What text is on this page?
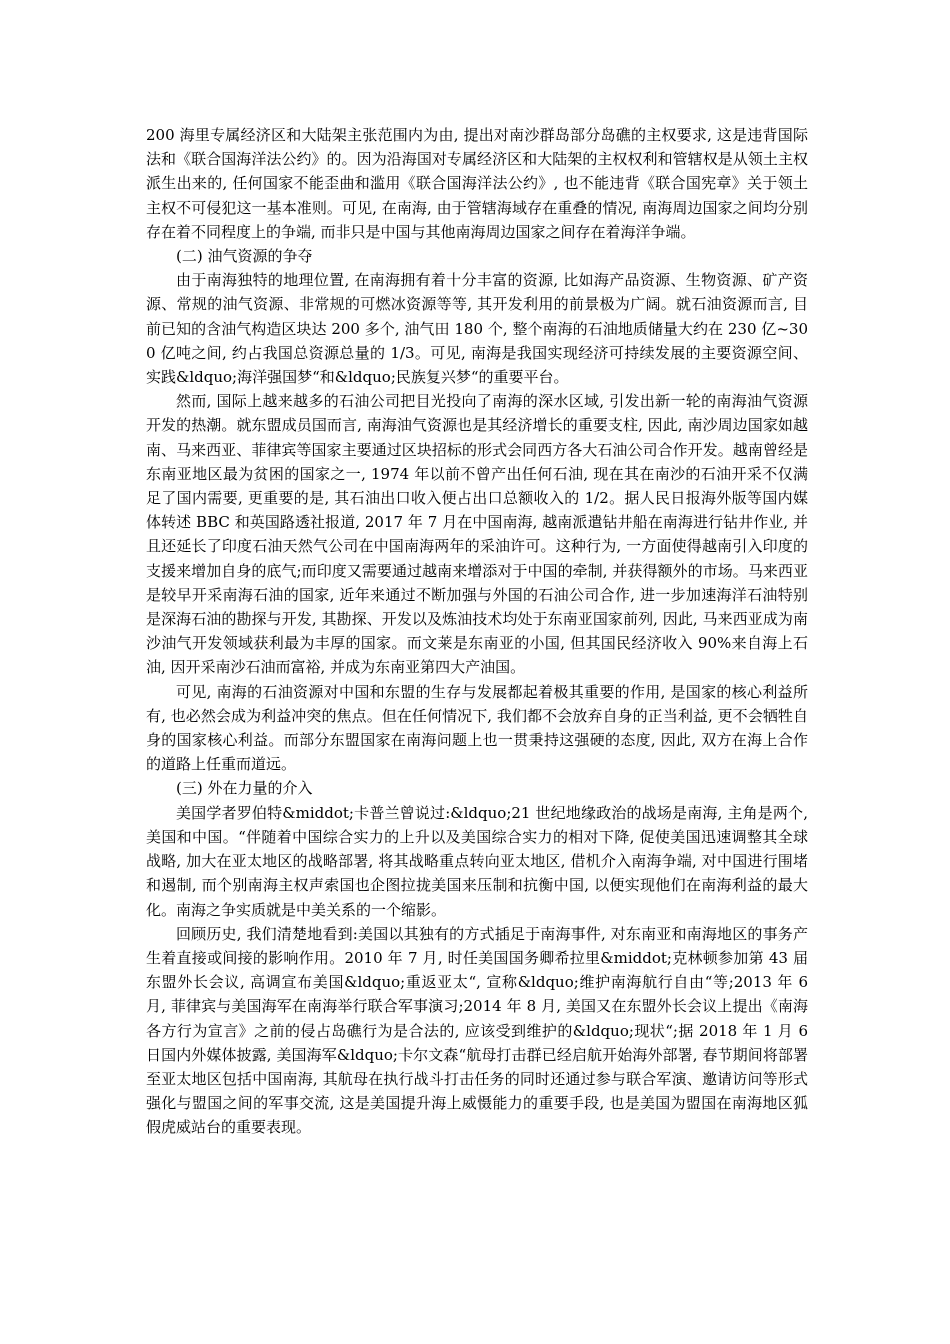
200 海里专属经济区和大陆架主张范围内为由, 提出对南沙群岛部分岛礁的主权要求, 这是违背国际法和《联合国海洋法公约》的。因为沿海国对专属经济区和大陆架的主权权利和管辖权是从领土主权派生出来的, 任何国家不能歪曲和滥用《联合国海洋法公约》, 也不能违背《联合国宪章》关于领土主权不可侵犯这一基本准则。可见, 在南海, 由于管辖海域存在重叠的情况, 南海周边国家之间均分别存在着不同程度上的争端, 而非只是中国与其他南海周边国家之间存在着海洋争端。

(二) 油气资源的争夺

由于南海独特的地理位置, 在南海拥有着十分丰富的资源, 比如海产品资源、生物资源、矿产资源、常规的油气资源、非常规的可燃冰资源等等, 其开发利用的前景极为广阔。就石油资源而言, 目前已知的含油气构造区块达 200 多个, 油气田 180 个, 整个南海的石油地质储量大约在 230 亿~300 亿吨之间, 约占我国总资源总量的 1/3。可见, 南海是我国实现经济可持续发展的主要资源空间、实践&ldquo;海洋强国梦“和&ldquo;民族复兴梦“的重要平台。

然而, 国际上越来越多的石油公司把目光投向了南海的深水区域, 引发出新一轮的南海油气资源开发的热潮。就东盟成员国而言, 南海油气资源也是其经济增长的重要支柱, 因此, 南沙周边国家如越南、马来西亚、菲律宾等国家主要通过区块招标的形式会同西方各大石油公司合作开发。越南曾经是东南亚地区最为贫困的国家之一, 1974 年以前不曾产出任何石油, 现在其在南沙的石油开采不仅满足了国内需要, 更重要的是, 其石油出口收入便占出口总额收入的 1/2。据人民日报海外版等国内媒体转述 BBC 和英国路透社报道, 2017 年 7 月在中国南海, 越南派遣钻井船在南海进行钻井作业, 并且还延长了印度石油天然气公司在中国南海两年的采油许可。这种行为, 一方面使得越南引入印度的支援来增加自身的底气;而印度又需要通过越南来增添对于中国的牵制, 并获得额外的市场。马来西亚是较早开采南海石油的国家, 近年来通过不断加强与外国的石油公司合作, 进一步加速海洋石油特别是深海石油的勘探与开发, 其勘探、开发以及炼油技术均处于东南亚国家前列, 因此, 马来西亚成为南沙油气开发领域获利最为丰厚的国家。而文莱是东南亚的小国, 但其国民经济收入 90%来自海上石油, 因开采南沙石油而富裕, 并成为东南亚第四大产油国。

可见, 南海的石油资源对中国和东盟的生存与发展都起着极其重要的作用, 是国家的核心利益所有, 也必然会成为利益冲突的焦点。但在任何情况下, 我们都不会放弃自身的正当利益, 更不会牺牲自身的国家核心利益。而部分东盟国家在南海问题上也一贯秉持这强硬的态度, 因此, 双方在海上合作的道路上任重而道远。

(三) 外在力量的介入

美国学者罗伯特&middot;卡普兰曾说过:&ldquo;21 世纪地缘政治的战场是南海, 主角是两个, 美国和中国。“伴随着中国综合实力的上升以及美国综合实力的相对下降, 促使美国迅速调整其全球战略, 加大在亚太地区的战略部署, 将其战略重点转向亚太地区, 借机介入南海争端, 对中国进行围堵和遏制, 而个别南海主权声索国也企图拉拢美国来压制和抗衡中国, 以便实现他们在南海利益的最大化。南海之争实质就是中美关系的一个缩影。

回顾历史, 我们清楚地看到:美国以其独有的方式插足于南海事件, 对东南亚和南海地区的事务产生着直接或间接的影响作用。2010 年 7 月, 时任美国国务卿希拉里&middot;克林顿参加第 43 届东盟外长会议, 高调宣布美国&ldquo;重返亚太“, 宣称&ldquo;维护南海航行自由“等;2013 年 6 月, 菲律宾与美国海军在南海举行联合军事演习;2014 年 8 月, 美国又在东盟外长会议上提出《南海各方行为宣言》之前的侵占岛礁行为是合法的, 应该受到维护的&ldquo;现状“;据 2018 年 1 月 6 日国内外媒体披露, 美国海军&ldquo;卡尔文森“航母打击群已经启航开始海外部署, 春节期间将部署至亚太地区包括中国南海, 其航母在执行战斗打击任务的同时还通过参与联合军演、邀请访问等形式强化与盟国之间的军事交流, 这是美国提升海上威慑能力的重要手段, 也是美国为盟国在南海地区狐假虎威站台的重要表现。
